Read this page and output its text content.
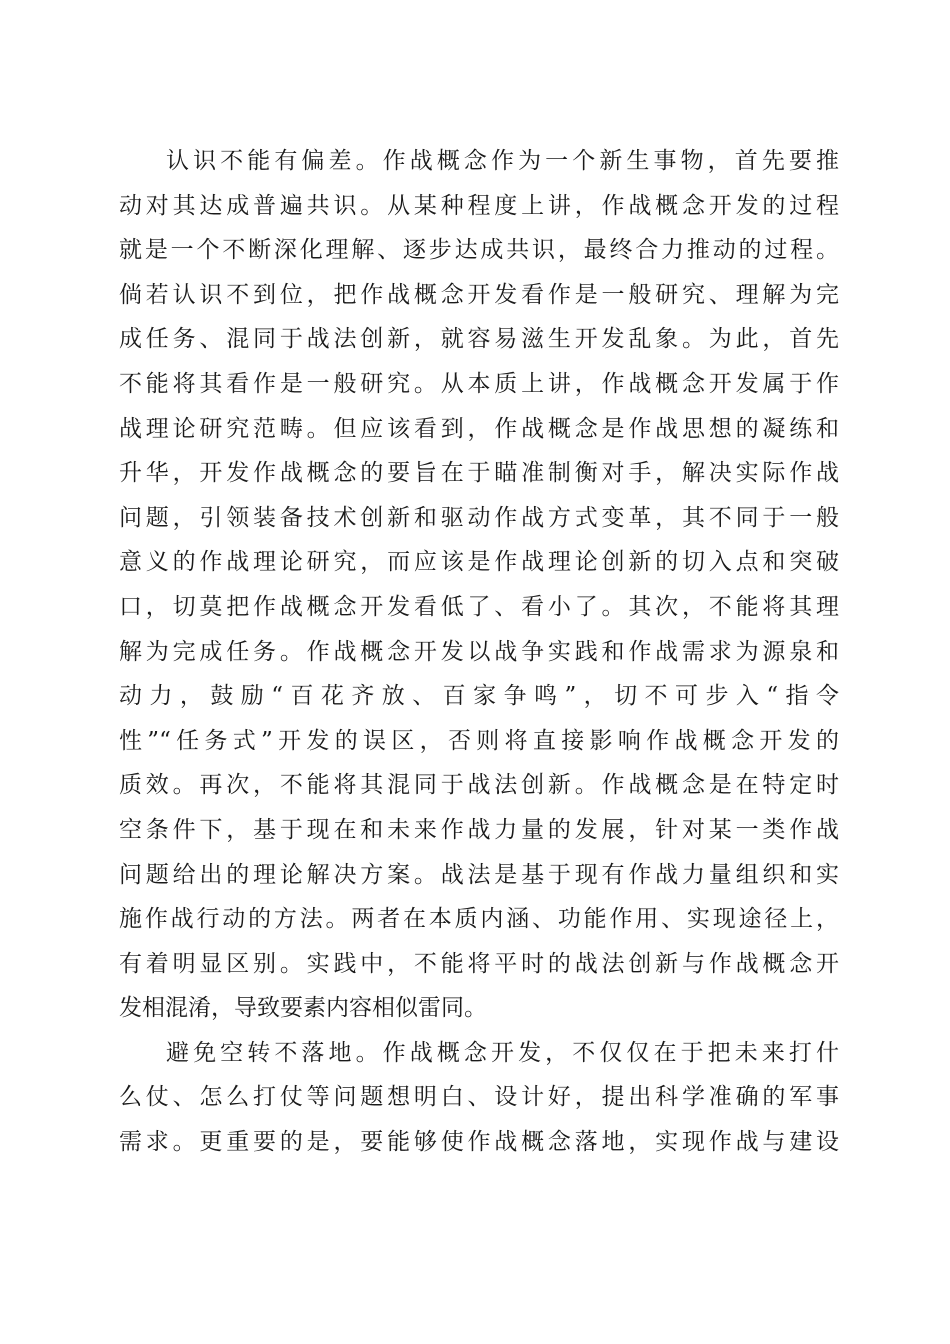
认识不能有偏差。作战概念作为一个新生事物，首先要推
动对其达成普遍共识。从某种程度上讲，作战概念开发的过程
就是一个不断深化理解、逐步达成共识，最终合力推动的过程。
倘若认识不到位，把作战概念开发看作是一般研究、理解为完
成任务、混同于战法创新，就容易滋生开发乱象。为此，首先
不能将其看作是一般研究。从本质上讲，作战概念开发属于作
战理论研究范畴。但应该看到，作战概念是作战思想的凝练和
升华，开发作战概念的要旨在于瞄准制衡对手，解决实际作战
问题，引领装备技术创新和驱动作战方式变革，其不同于一般
意义的作战理论研究，而应该是作战理论创新的切入点和突破
口，切莫把作战概念开发看低了、看小了。其次，不能将其理
解为完成任务。作战概念开发以战争实践和作战需求为源泉和
动力，鼓励“百花齐放、百家争鸣”，切不可步入“指令
性”“任务式”开发的误区，否则将直接影响作战概念开发的
质效。再次，不能将其混同于战法创新。作战概念是在特定时
空条件下，基于现在和未来作战力量的发展，针对某一类作战
问题给出的理论解决方案。战法是基于现有作战力量组织和实
施作战行动的方法。两者在本质内涵、功能作用、实现途径上，
有着明显区别。实践中，不能将平时的战法创新与作战概念开
发相混淆，导致要素内容相似雷同。
避免空转不落地。作战概念开发，不仅仅在于把未来打什
么仗、怎么打仗等问题想明白、设计好，提出科学准确的军事
需求。更重要的是，要能够使作战概念落地，实现作战与建设
